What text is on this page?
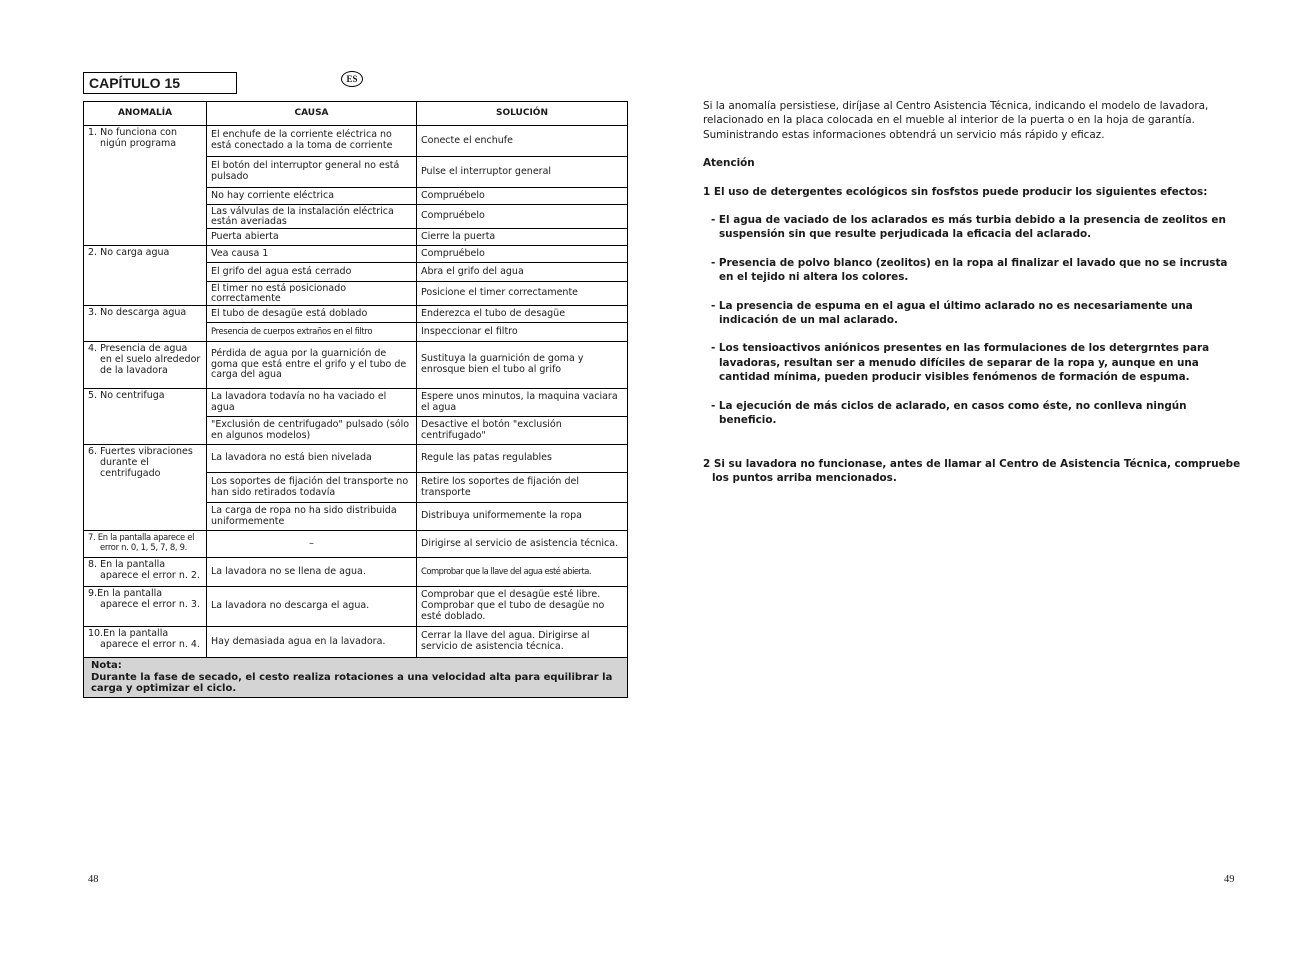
CAPÍTULO 15	ES
ANOMALÍA	CAUSA	SOLUCIÓN

1. No funciona con nigún programa	El enchufe de la corriente eléctrica no está conectado a la toma de corriente	Conecte el enchufe
	El botón del interruptor general no está pulsado	Pulse el interruptor general
	No hay corriente eléctrica	Compruébelo
	Las válvulas de la instalación eléctrica están averiadas	Compruébelo
	Puerta abierta	Cierre la puerta

2. No carga agua	Vea causa 1	Compruébelo
	El grifo del agua está cerrado	Abra el grifo del agua
	El timer no está posicionado correctamente	Posicione el timer correctamente

3. No descarga agua	El tubo de desagüe está doblado	Enderezca el tubo de desagüe
	Presencia de cuerpos extraños en el filtro	Inspeccionar el filtro

4. Presencia de agua en el suelo alrededor de la lavadora	Pérdida de agua por la guarnición de goma que está entre el grifo y el tubo de carga del agua	Sustituya la guarnición de goma y enrosque bien el tubo al grifo

5. No centrifuga	La lavadora todavía no ha vaciado el agua	Espere unos minutos, la maquina vaciara el agua
	"Exclusión de centrifugado" pulsado (sólo en algunos modelos)	Desactive el botón "exclusión centrifugado"

6. Fuertes vibraciones durante el centrifugado	La lavadora no está bien nivelada	Regule las patas regulables
	Los soportes de fijación del transporte no han sido retirados todavía	Retire los soportes de fijación del transporte
	La carga de ropa no ha sido distribuida uniformemente	Distribuya uniformemente la ropa

7. En la pantalla aparece el error n. 0, 1, 5, 7, 8, 9.	–	Dirigirse al servicio de asistencia técnica.

8. En la pantalla aparece el error n. 2.	La lavadora no se llena de agua.	Comprobar que la llave del agua esté abierta.

9.En la pantalla aparece el error n. 3.	La lavadora no descarga el agua.	Comprobar que el desagüe esté libre. Comprobar que el tubo de desagüe no esté doblado.

10.En la pantalla aparece el error n. 4.	Hay demasiada agua en la lavadora.	Cerrar la llave del agua. Dirigirse al servicio de asistencia técnica.

Nota:
Durante la fase de secado, el cesto realiza rotaciones a una velocidad alta para equilibrar la carga y optimizar el ciclo.		

Si la anomalía persistiese, diríjase al Centro Asistencia Técnica, indicando el modelo de lavadora, relacionado en la placa colocada en el mueble al interior de la puerta o en la hoja de garantía. Suministrando estas informaciones obtendrá un servicio más rápido y eficaz.

Atención

1 El uso de detergentes ecológicos sin fosfstos puede producir los siguientes efectos:

- El agua de vaciado de los aclarados es más turbia debido a la presencia de zeolitos en suspensión sin que resulte perjudicada la eficacia del aclarado.

- Presencia de polvo blanco (zeolitos) en la ropa al finalizar el lavado que no se incrusta en el tejido ni altera los colores.

- La presencia de espuma en el agua el último aclarado no es necesariamente una indicación de un mal aclarado.

- Los tensioactivos aniónicos presentes en las formulaciones de los detergrntes para lavadoras, resultan ser a menudo difíciles de separar de la ropa y, aunque en una cantidad mínima, pueden producir visibles fenómenos de formación de espuma.

- La ejecución de más ciclos de aclarado, en casos como éste, no conlleva ningún beneficio.

2 Si su lavadora no funcionase, antes de llamar al Centro de Asistencia Técnica, compruebe los puntos arriba mencionados.

48	49
